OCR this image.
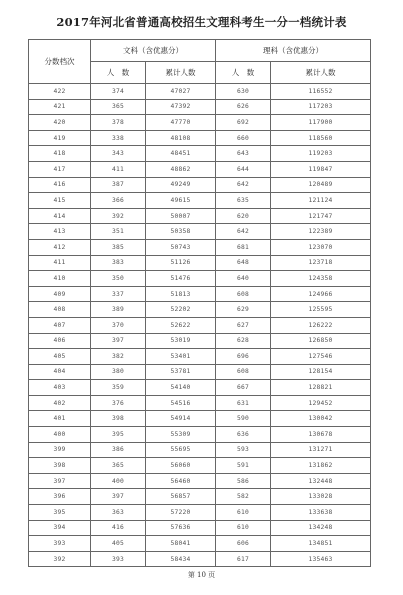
2017年河北省普通高校招生文理科考生一分一档统计表
分数档次	文科（含优惠分）		理科（含优惠分）	
	人　数	累计人数	人　数	累计人数
422	374	47027	630	116552
421	365	47392	626	117203
420	378	47770	692	117900
419	338	48108	660	118560
418	343	48451	643	119203
417	411	48862	644	119847
416	387	49249	642	120489
415	366	49615	635	121124
414	392	50007	620	121747
413	351	50358	642	122389
412	385	50743	681	123070
411	383	51126	648	123718
410	350	51476	640	124358
409	337	51813	608	124966
408	389	52202	629	125595
407	370	52622	627	126222
406	397	53019	628	126850
405	382	53401	696	127546
404	380	53781	608	128154
403	359	54140	667	128821
402	376	54516	631	129452
401	398	54914	590	130042
400	395	55309	636	130678
399	386	55695	593	131271
398	365	56060	591	131862
397	400	56460	586	132448
396	397	56857	582	133028
395	363	57220	610	133638
394	416	57636	610	134248
393	405	58041	606	134851
392	393	58434	617	135463
第 10 页
